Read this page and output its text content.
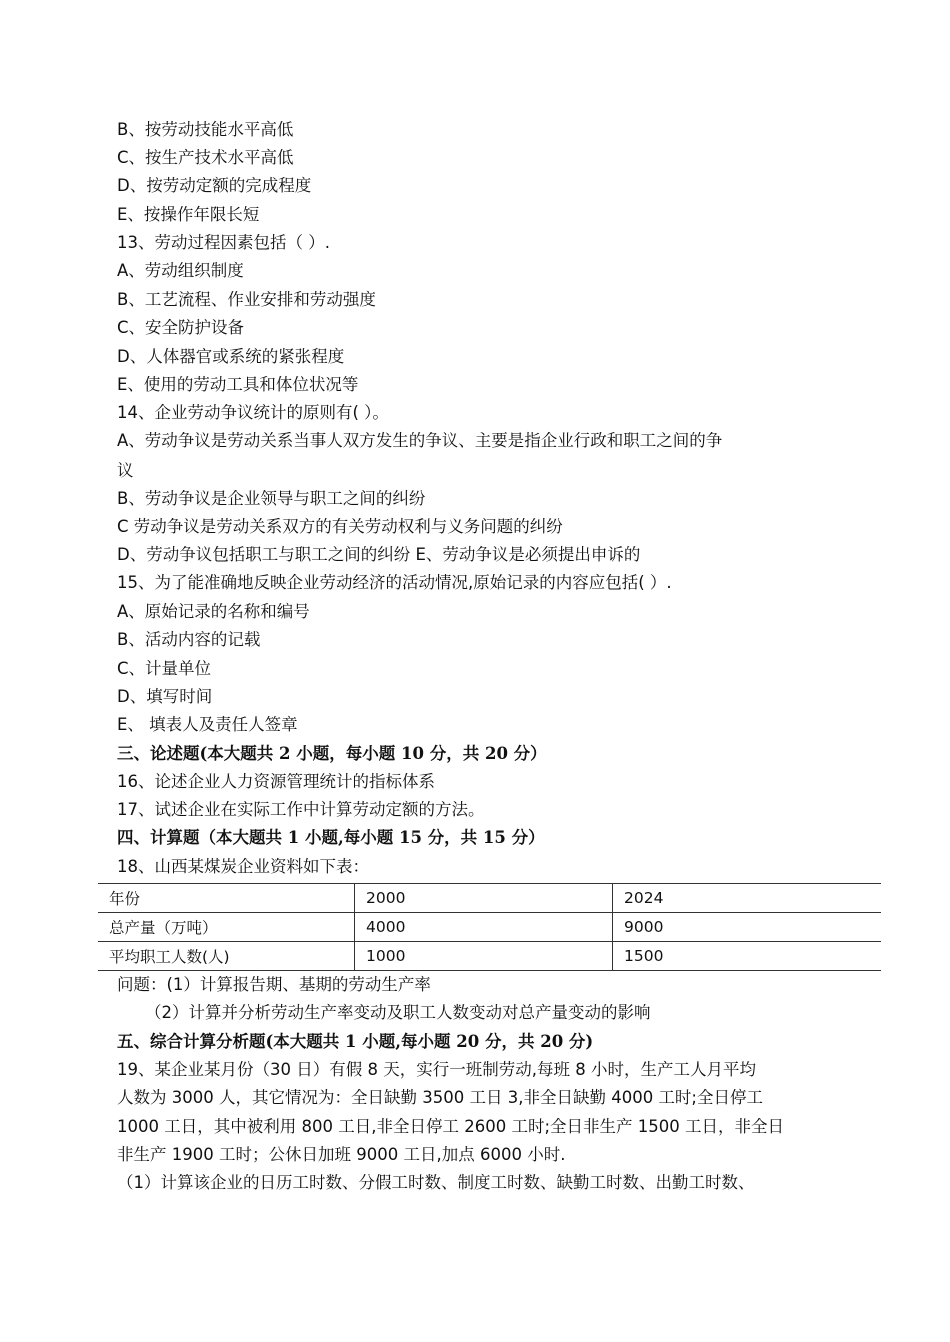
B、按劳动技能水平高低
C、按生产技术水平高低
D、按劳动定额的完成程度
E、按操作年限长短
13、劳动过程因素包括（ ）.
A、劳动组织制度
B、工艺流程、作业安排和劳动强度
C、安全防护设备
D、人体器官或系统的紧张程度
E、使用的劳动工具和体位状况等
14、企业劳动争议统计的原则有( ）。
A、劳动争议是劳动关系当事人双方发生的争议、主要是指企业行政和职工之间的争
议
B、劳动争议是企业领导与职工之间的纠纷
C 劳动争议是劳动关系双方的有关劳动权利与义务问题的纠纷
D、劳动争议包括职工与职工之间的纠纷 E、劳动争议是必须提出申诉的
15、为了能准确地反映企业劳动经济的活动情况,原始记录的内容应包括( ）.
A、原始记录的名称和编号
B、活动内容的记载
C、计量单位
D、填写时间
E、 填表人及责任人签章
三、论述题(本大题共 2 小题，每小题 10 分，共 20 分）
16、论述企业人力资源管理统计的指标体系
17、试述企业在实际工作中计算劳动定额的方法。
四、计算题（本大题共 1 小题,每小题 15 分，共 15 分）
18、山西某煤炭企业资料如下表：
年份	2000	2024
总产量（万吨）	4000	9000
平均职工人数(人)	1000	1500
问题：(1）计算报告期、基期的劳动生产率
（2）计算并分析劳动生产率变动及职工人数变动对总产量变动的影响
五、综合计算分析题(本大题共 1 小题,每小题 20 分，共 20 分)
19、某企业某月份（30 日）有假 8 天，实行一班制劳动,每班 8 小时，生产工人月平均
人数为 3000 人，其它情况为：全日缺勤 3500 工日 3,非全日缺勤 4000 工时;全日停工
1000 工日，其中被利用 800 工日,非全日停工 2600 工时;全日非生产 1500 工日，非全日
非生产 1900 工时；公休日加班 9000 工日,加点 6000 小时.
（1）计算该企业的日历工时数、分假工时数、制度工时数、缺勤工时数、出勤工时数、
